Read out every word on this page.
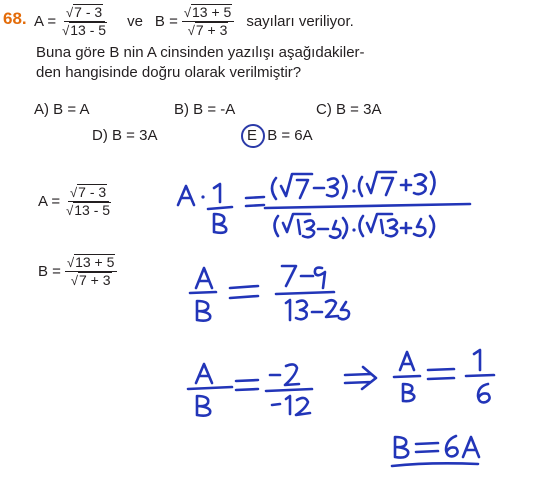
68. $A = \frac{√7 - 3}{√13 - 5}$ ve $B = \frac{√13 + 5}{√7 + 3}$ sayıları veriliyor.
Buna göre B nin A cinsinden yazılışı aşağıdakiler-
den hangisinde doğru olarak verilmiştir?
A) B = A	B) B = -A	C) B = 3A
D) B = 3A	E B = 6A
$A = \frac{√7 - 3}{√13 - 5}$
$B = \frac{√13 + 5}{√7 + 3}$
